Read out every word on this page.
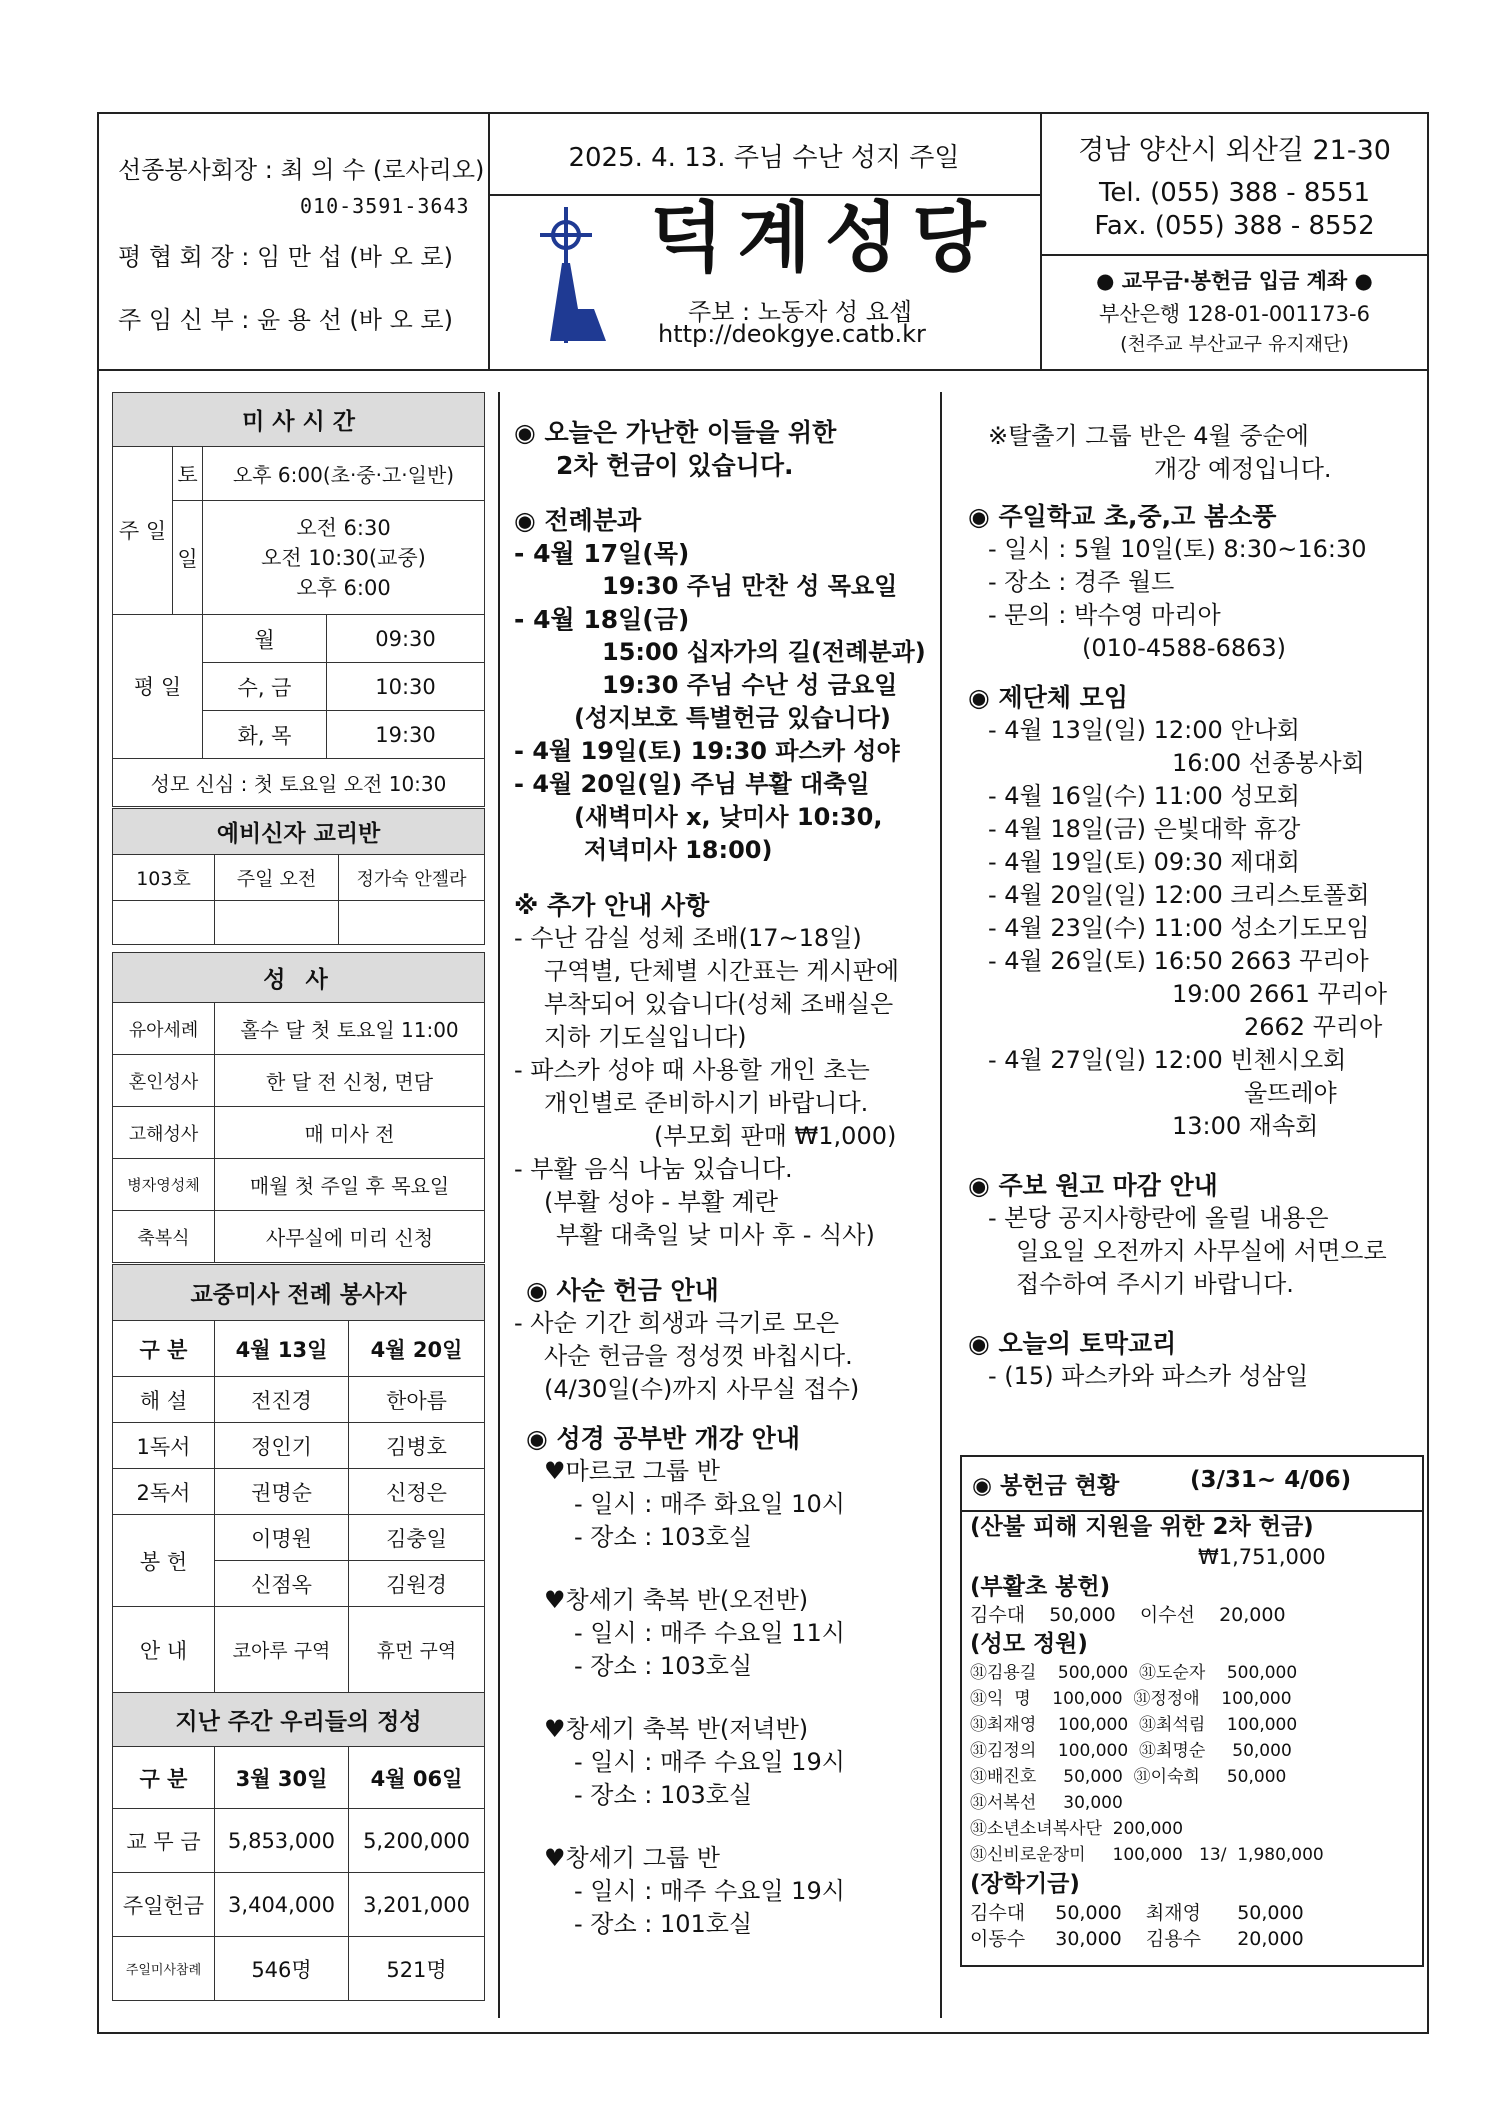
선종봉사회장 : 최 의 수 (로사리오)
010-3591-3643
평 협 회 장 : 임 만 섭 (바 오 로)
주 임 신 부 : 윤 용 선 (바 오 로)
2025. 4. 13. 주님 수난 성지 주일
1999
덕계성당
주보 : 노동자 성 요셉
http://deokgye.catb.kr
경남 양산시 외산길 21-30
Tel. (055) 388 - 8551
Fax. (055) 388 - 8552
● 교무금·봉헌금 입금 계좌 ●
부산은행 128-01-001173-6
(천주교 부산교구 유지재단)
미 사 시 간			
주 일	토	오후 6:00(초·중·고·일반)	
	일	오전 6:30
오전 10:30(교중)
오후 6:00	

평 일		월	09:30
		수, 금	10:30
		화, 목	19:30
성모 신심 : 첫 토요일 오전 10:30			
예비신자 교리반		
103호	주일 오전	정가숙 안젤라

성 사	
유아세례	홀수 달 첫 토요일 11:00
혼인성사	한 달 전 신청, 면담
고해성사	매 미사 전
병자영성체	매월 첫 주일 후 목요일
축복식	사무실에 미리 신청
교중미사 전례 봉사자		
구 분	4월 13일	4월 20일
해 설	전진경	한아름
1독서	정인기	김병호
2독서	권명순	신정은
봉 헌	이명원	김충일
	신점옥	김원경
안 내	코아루 구역	휴먼 구역
지난 주간 우리들의 정성		
구 분	3월 30일	4월 06일
교 무 금	5,853,000	5,200,000
주일헌금	3,404,000	3,201,000
주일미사참례	546명	521명

◉ 오늘은 가난한 이들을 위한

2차 헌금이 있습니다.

◉ 전례분과

- 4월 17일(목)

19:30 주님 만찬 성 목요일

- 4월 18일(금)

15:00 십자가의 길(전례분과)

19:30 주님 수난 성 금요일

(성지보호 특별헌금 있습니다)

- 4월 19일(토) 19:30 파스카 성야

- 4월 20일(일) 주님 부활 대축일

(새벽미사 x, 낮미사 10:30,

저녁미사 18:00)

※ 추가 안내 사항

- 수난 감실 성체 조배(17~18일)

구역별, 단체별 시간표는 게시판에

부착되어 있습니다(성체 조배실은

지하 기도실입니다)

- 파스카 성야 때 사용할 개인 초는

개인별로 준비하시기 바랍니다.

(부모회 판매 ₩1,000)

- 부활 음식 나눔 있습니다.

(부활 성야 - 부활 계란

부활 대축일 낮 미사 후 - 식사)

◉ 사순 헌금 안내

- 사순 기간 희생과 극기로 모은

사순 헌금을 정성껏 바칩시다.

(4/30일(수)까지 사무실 접수)

◉ 성경 공부반 개강 안내

♥마르코 그룹 반

- 일시 : 매주 화요일 10시

- 장소 : 103호실

♥창세기 축복 반(오전반)

- 일시 : 매주 수요일 11시

- 장소 : 103호실

♥창세기 축복 반(저녁반)

- 일시 : 매주 수요일 19시

- 장소 : 103호실

♥창세기 그룹 반

- 일시 : 매주 수요일 19시

- 장소 : 101호실

※탈출기 그룹 반은 4월 중순에

개강 예정입니다.

◉ 주일학교 초,중,고 봄소풍

- 일시 : 5월 10일(토) 8:30~16:30

- 장소 : 경주 월드

- 문의 : 박수영 마리아

(010-4588-6863)

◉ 제단체 모임

- 4월 13일(일) 12:00 안나회

16:00 선종봉사회

- 4월 16일(수) 11:00 성모회

- 4월 18일(금) 은빛대학 휴강

- 4월 19일(토) 09:30 제대회

- 4월 20일(일) 12:00 크리스토폴회

- 4월 23일(수) 11:00 성소기도모임

- 4월 26일(토) 16:50 2663 꾸리아

19:00 2661 꾸리아

2662 꾸리아

- 4월 27일(일) 12:00 빈첸시오회

울뜨레야

13:00 재속회

◉ 주보 원고 마감 안내

- 본당 공지사항란에 올릴 내용은

일요일 오전까지 사무실에 서면으로

접수하여 주시기 바랍니다.

◉ 오늘의 토막교리

- (15) 파스카와 파스카 성삼일

◉ 봉헌금 현황	(3/31~ 4/06)

(산불 피해 지원을 위한 2차 헌금)

₩1,751,000

(부활초 봉헌)

김수대    50,000    이수선    20,000

(성모 정원)

㉛김용길    500,000  ㉛도순자    500,000

㉛익  명    100,000  ㉛정정애    100,000

㉛최재영    100,000  ㉛최석림    100,000

㉛김정의    100,000  ㉛최명순     50,000

㉛배진호     50,000  ㉛이숙희     50,000

㉛서복선     30,000

㉛소년소녀복사단  200,000

㉛신비로운장미     100,000   13/  1,980,000

(장학기금)

김수대     50,000    최재영      50,000

이동수     30,000    김용수      20,000
